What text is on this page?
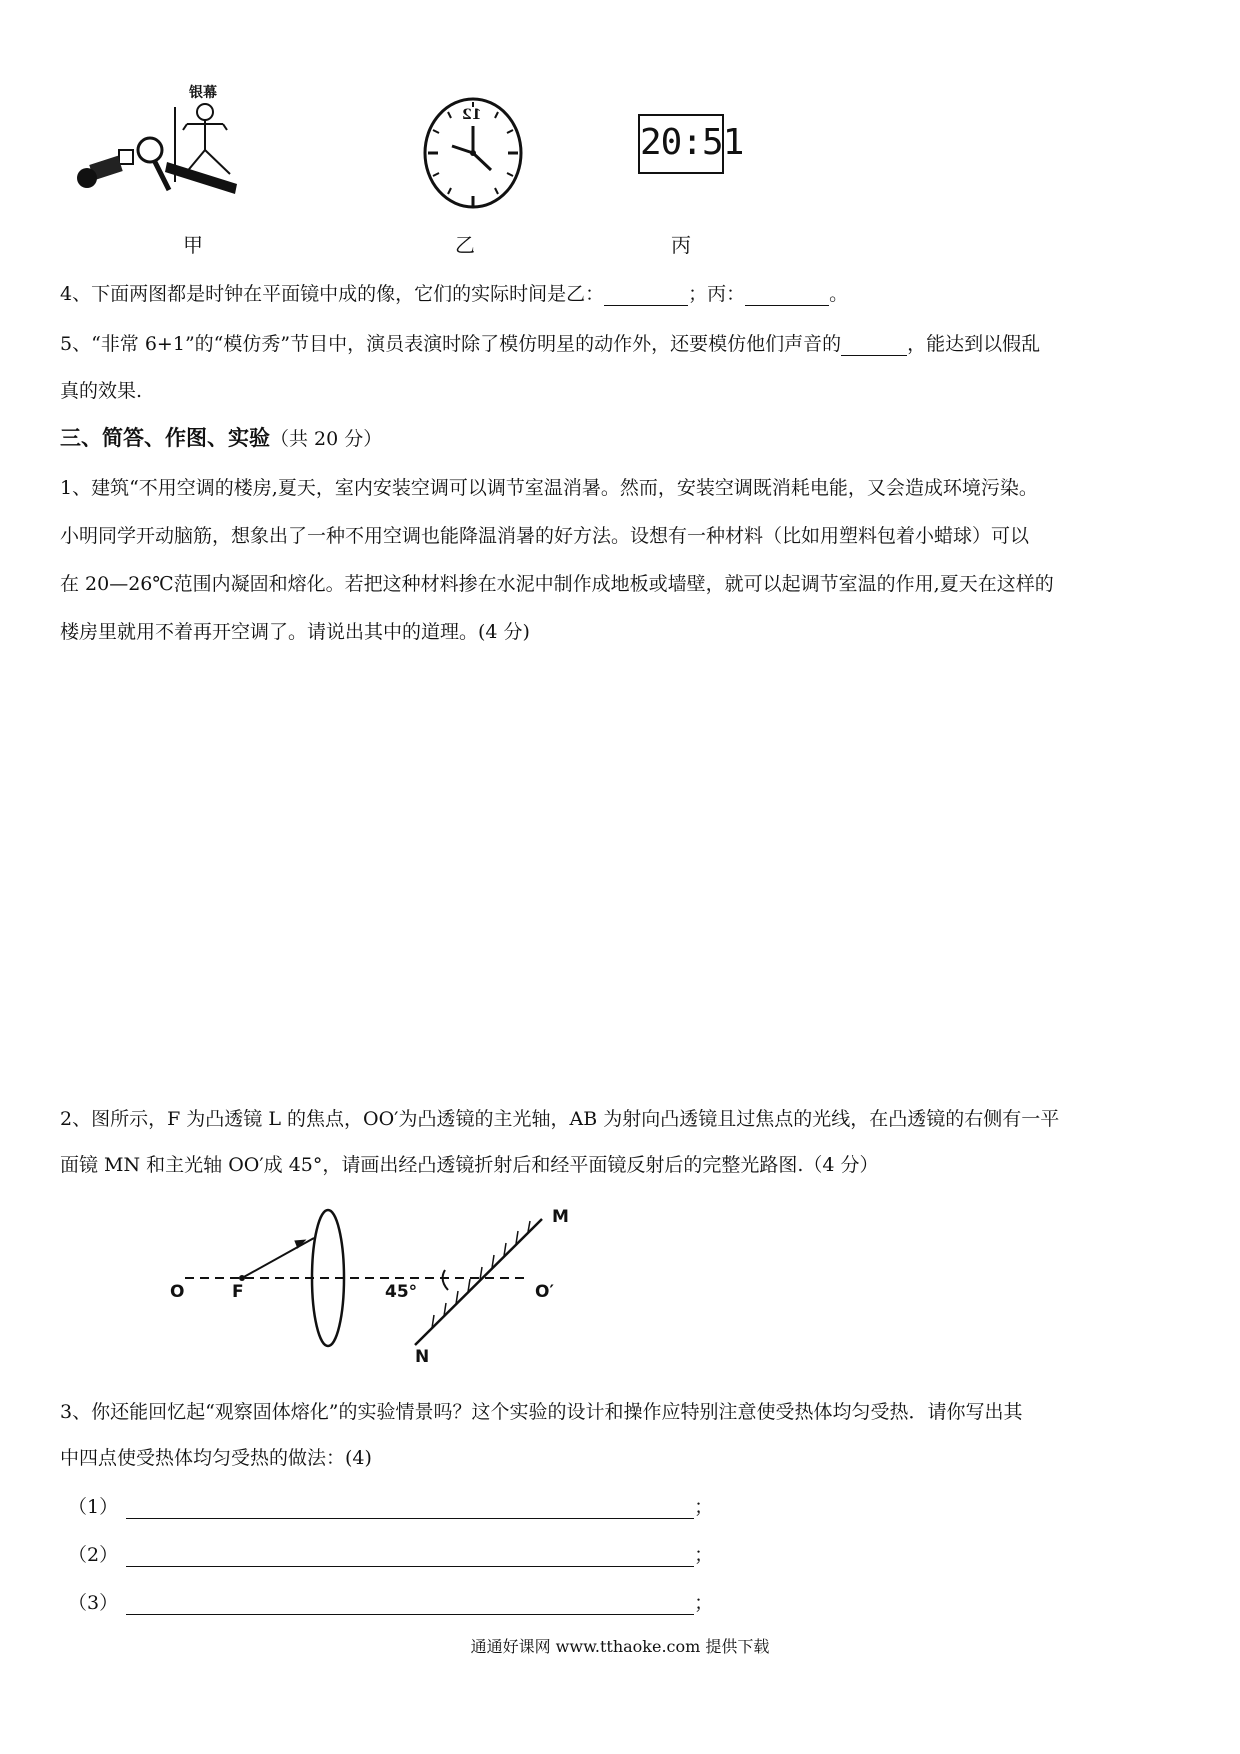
银幕
甲
12
乙
20:51
丙
4、下面两图都是时钟在平面镜中成的像，它们的实际时间是乙：	；丙：	。
5、“非常 6+1”的“模仿秀”节目中，演员表演时除了模仿明星的动作外，还要模仿他们声音的	，能达到以假乱
真的效果.
三、简答、作图、实验（共 20 分）
1、建筑“不用空调的楼房,夏天，室内安装空调可以调节室温消暑。然而，安装空调既消耗电能，又会造成环境污染。
小明同学开动脑筋，想象出了一种不用空调也能降温消暑的好方法。设想有一种材料（比如用塑料包着小蜡球）可以
在 20—26℃范围内凝固和熔化。若把这种材料掺在水泥中制作成地板或墙壁，就可以起调节室温的作用,夏天在这样的
楼房里就用不着再开空调了。请说出其中的道理。(4 分)
2、图所示，F 为凸透镜 L 的焦点，OO′为凸透镜的主光轴，AB 为射向凸透镜且过焦点的光线，在凸透镜的右侧有一平
面镜 MN 和主光轴 OO′成 45°，请画出经凸透镜折射后和经平面镜反射后的完整光路图.（4 分）
O	F	45°	O′
M
N
3、你还能回忆起“观察固体熔化”的实验情景吗？这个实验的设计和操作应特别注意使受热体均匀受热．请你写出其
中四点使受热体均匀受热的做法：(4)
（1）	；
（2）	；
（3）	；
通通好课网 www.tthaoke.com 提供下载
